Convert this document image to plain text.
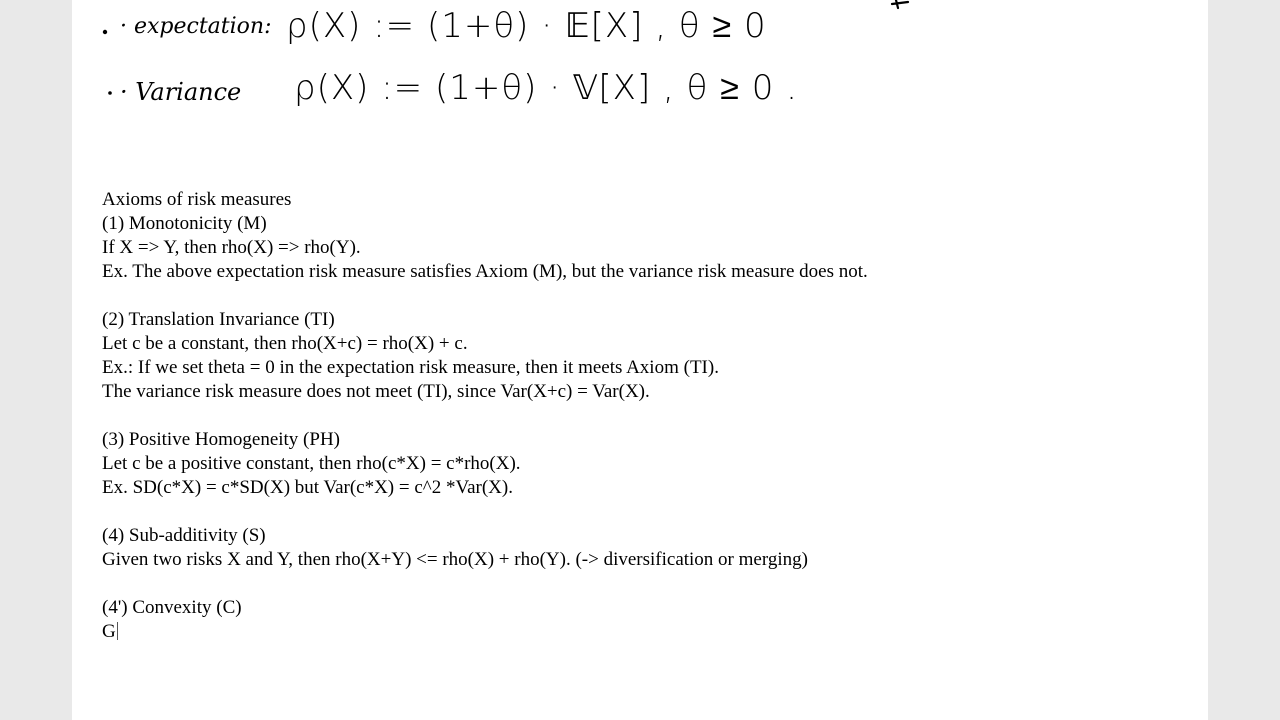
· expectation: ρ(X) := (1+θ) · 𝔼[X] , θ ≥ 0
· Variance ρ(X) := (1+θ) · 𝕍[X] , θ ≥ 0 .
Axioms of risk measures
(1) Monotonicity (M)
If X => Y, then rho(X) => rho(Y).
Ex. The above expectation risk measure satisfies Axiom (M), but the variance risk measure does not.
(2) Translation Invariance (TI)
Let c be a constant, then rho(X+c) = rho(X) + c.
Ex.: If we set theta = 0 in the expectation risk measure, then it meets Axiom (TI).
The variance risk measure does not meet (TI), since Var(X+c) = Var(X).
(3) Positive Homogeneity (PH)
Let c be a positive constant, then rho(c*X) = c*rho(X).
Ex. SD(c*X) = c*SD(X) but Var(c*X) = c^2 *Var(X).
(4) Sub-additivity (S)
Given two risks X and Y, then rho(X+Y) <= rho(X) + rho(Y). (-> diversification or merging)
(4') Convexity (C)
G
